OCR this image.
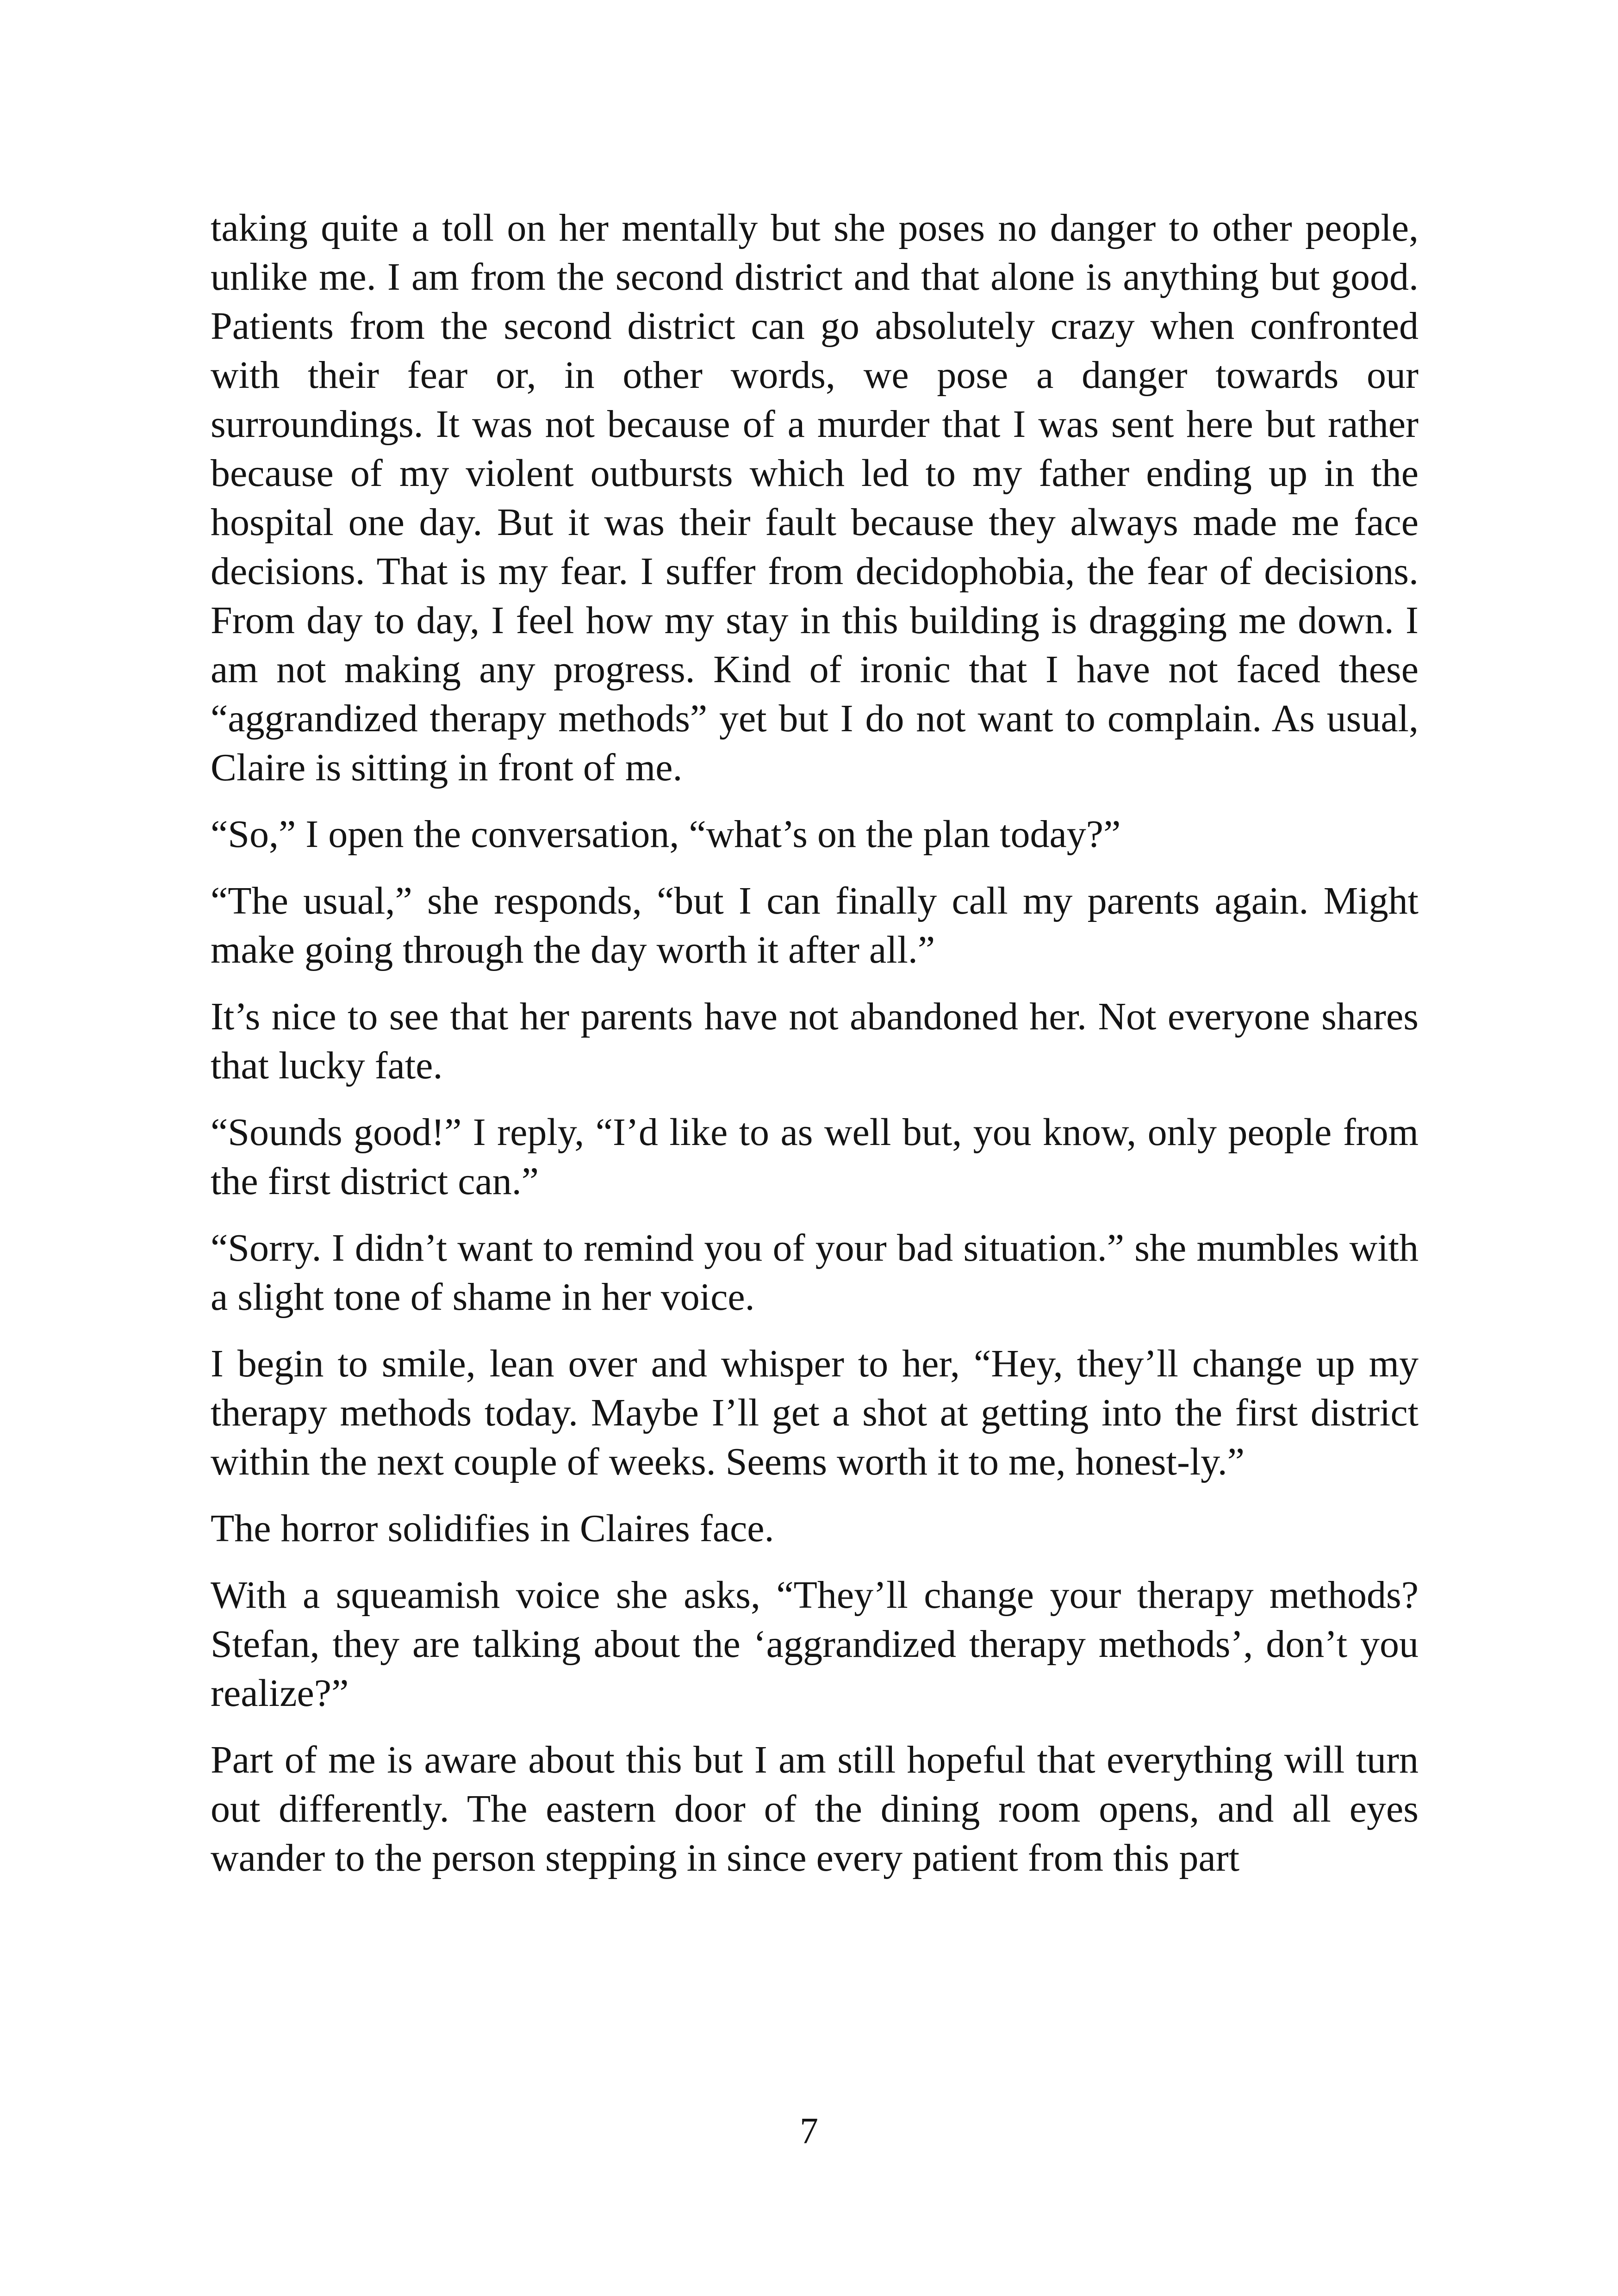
taking quite a toll on her mentally but she poses no danger to other people, unlike me. I am from the second district and that alone is anything but good. Patients from the second district can go absolutely crazy when confronted with their fear or, in other words, we pose a danger towards our surroundings. It was not because of a murder that I was sent here but rather because of my violent outbursts which led to my father ending up in the hospital one day. But it was their fault because they always made me face decisions. That is my fear. I suffer from decidophobia, the fear of decisions. From day to day, I feel how my stay in this building is dragging me down. I am not making any progress. Kind of ironic that I have not faced these “aggrandized therapy methods” yet but I do not want to complain. As usual, Claire is sitting in front of me.

“So,” I open the conversation, “what’s on the plan today?”

“The usual,” she responds, “but I can finally call my parents again. Might make going through the day worth it after all.”

It’s nice to see that her parents have not abandoned her. Not everyone shares that lucky fate.

“Sounds good!” I reply, “I’d like to as well but, you know, only people from the first district can.”

“Sorry. I didn’t want to remind you of your bad situation.” she mumbles with a slight tone of shame in her voice.

I begin to smile, lean over and whisper to her, “Hey, they’ll change up my therapy methods today. Maybe I’ll get a shot at getting into the first district within the next couple of weeks. Seems worth it to me, honest-ly.”

The horror solidifies in Claires face.

With a squeamish voice she asks, “They’ll change your therapy methods? Stefan, they are talking about the ‘aggrandized therapy methods’, don’t you realize?”

Part of me is aware about this but I am still hopeful that everything will turn out differently. The eastern door of the dining room opens, and all eyes wander to the person stepping in since every patient from this part

7
